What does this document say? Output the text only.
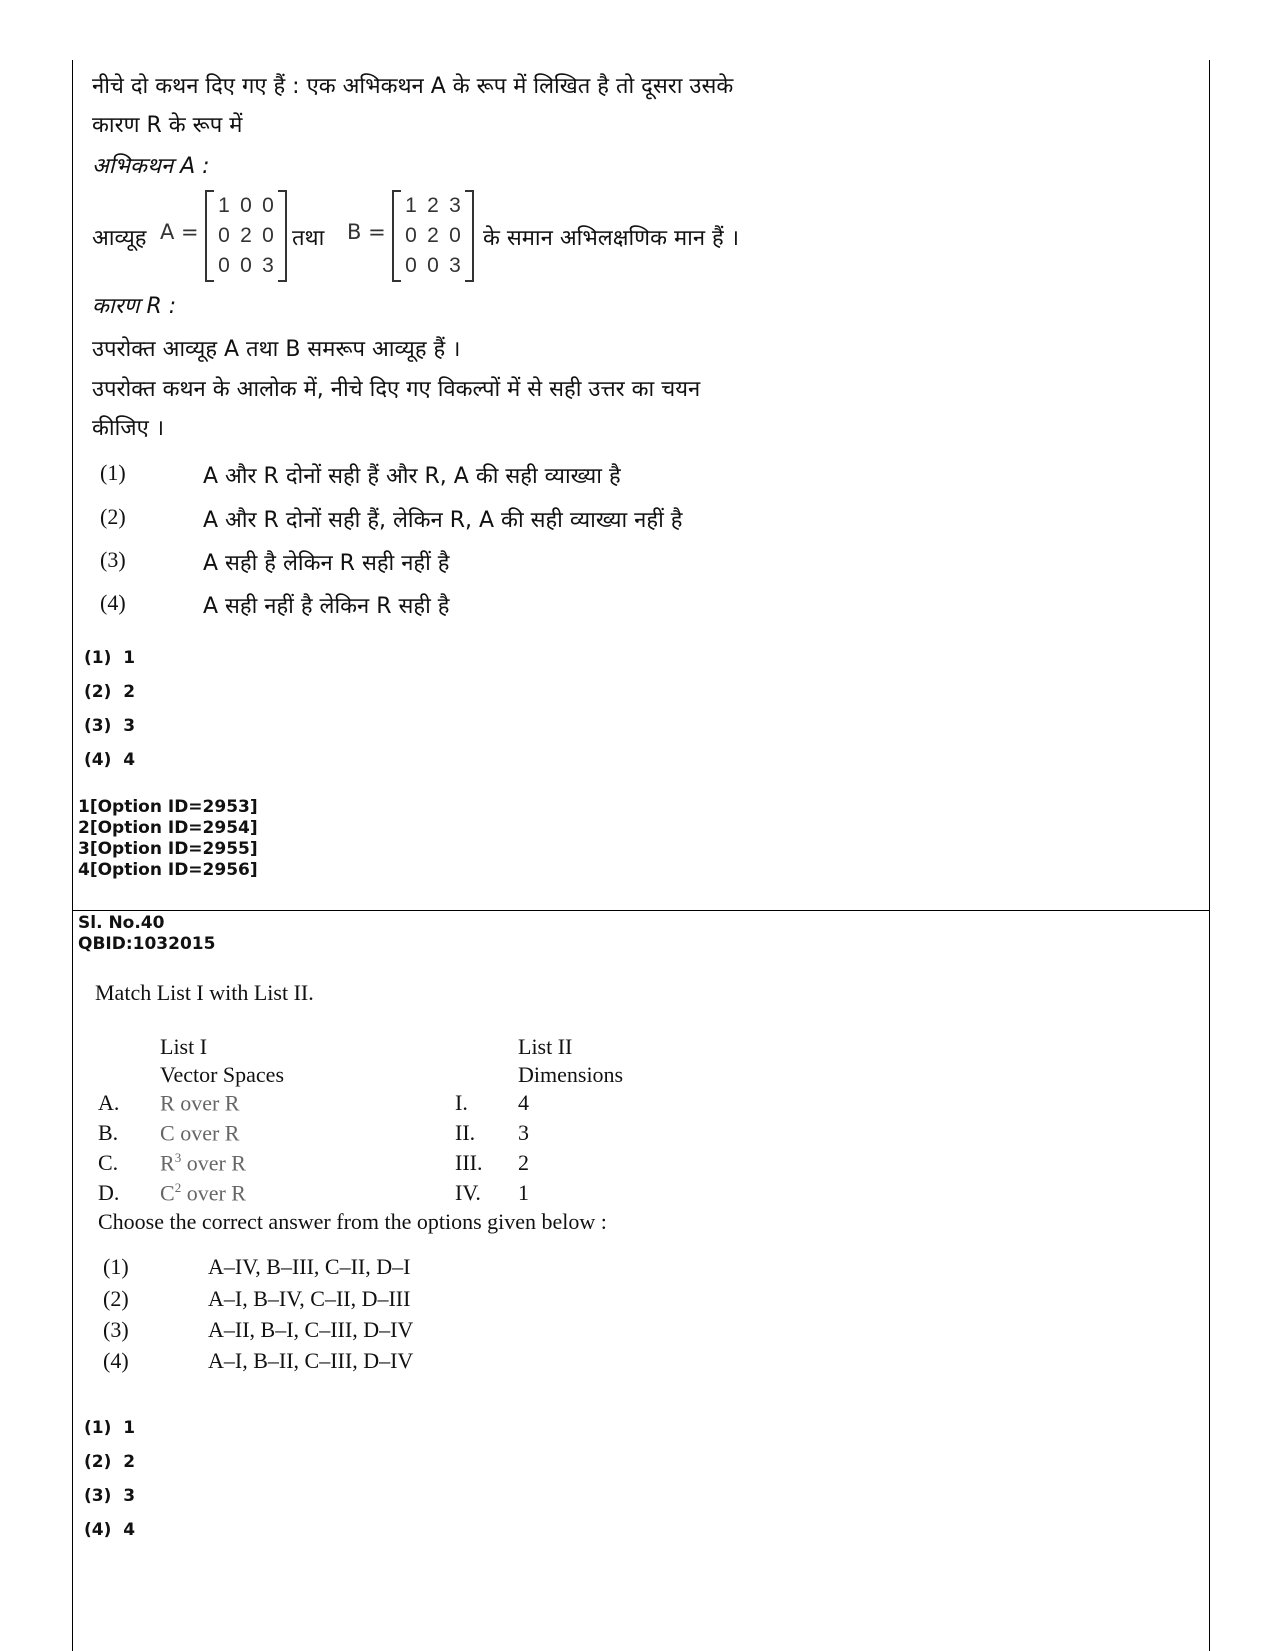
नीचे दो कथन दिए गए हैं : एक अभिकथन A के रूप में लिखित है तो दूसरा उसके
कारण R के रूप में
अभिकथन A :
आव्यूह A =
1 0 0
0 2 0
0 0 3
तथा B =
1 2 3
0 2 0
0 0 3
के समान अभिलक्षणिक मान हैं ।
कारण R :
उपरोक्त आव्यूह A तथा B समरूप आव्यूह हैं ।
उपरोक्त कथन के आलोक में, नीचे दिए गए विकल्पों में से सही उत्तर का चयन
कीजिए ।
(1)	A और R दोनों सही हैं और R, A की सही व्याख्या है
(2)	A और R दोनों सही हैं, लेकिन R, A की सही व्याख्या नहीं है
(3)	A सही है लेकिन R सही नहीं है
(4)	A सही नहीं है लेकिन R सही है
(1)  1
(2)  2
(3)  3
(4)  4
1[Option ID=2953]
2[Option ID=2954]
3[Option ID=2955]
4[Option ID=2956]
Sl. No.40
QBID:1032015
Match List I with List II.
List I
Vector Spaces
List II
Dimensions
A. R over R	I. 4
B. C over R	II. 3
C. $R^3$ over R	III. 2
D. $C^2$ over R	IV. 1
Choose the correct answer from the options given below :
(1)	A–IV, B–III, C–II, D–I
(2)	A–I, B–IV, C–II, D–III
(3)	A–II, B–I, C–III, D–IV
(4)	A–I, B–II, C–III, D–IV
(1)  1
(2)  2
(3)  3
(4)  4
